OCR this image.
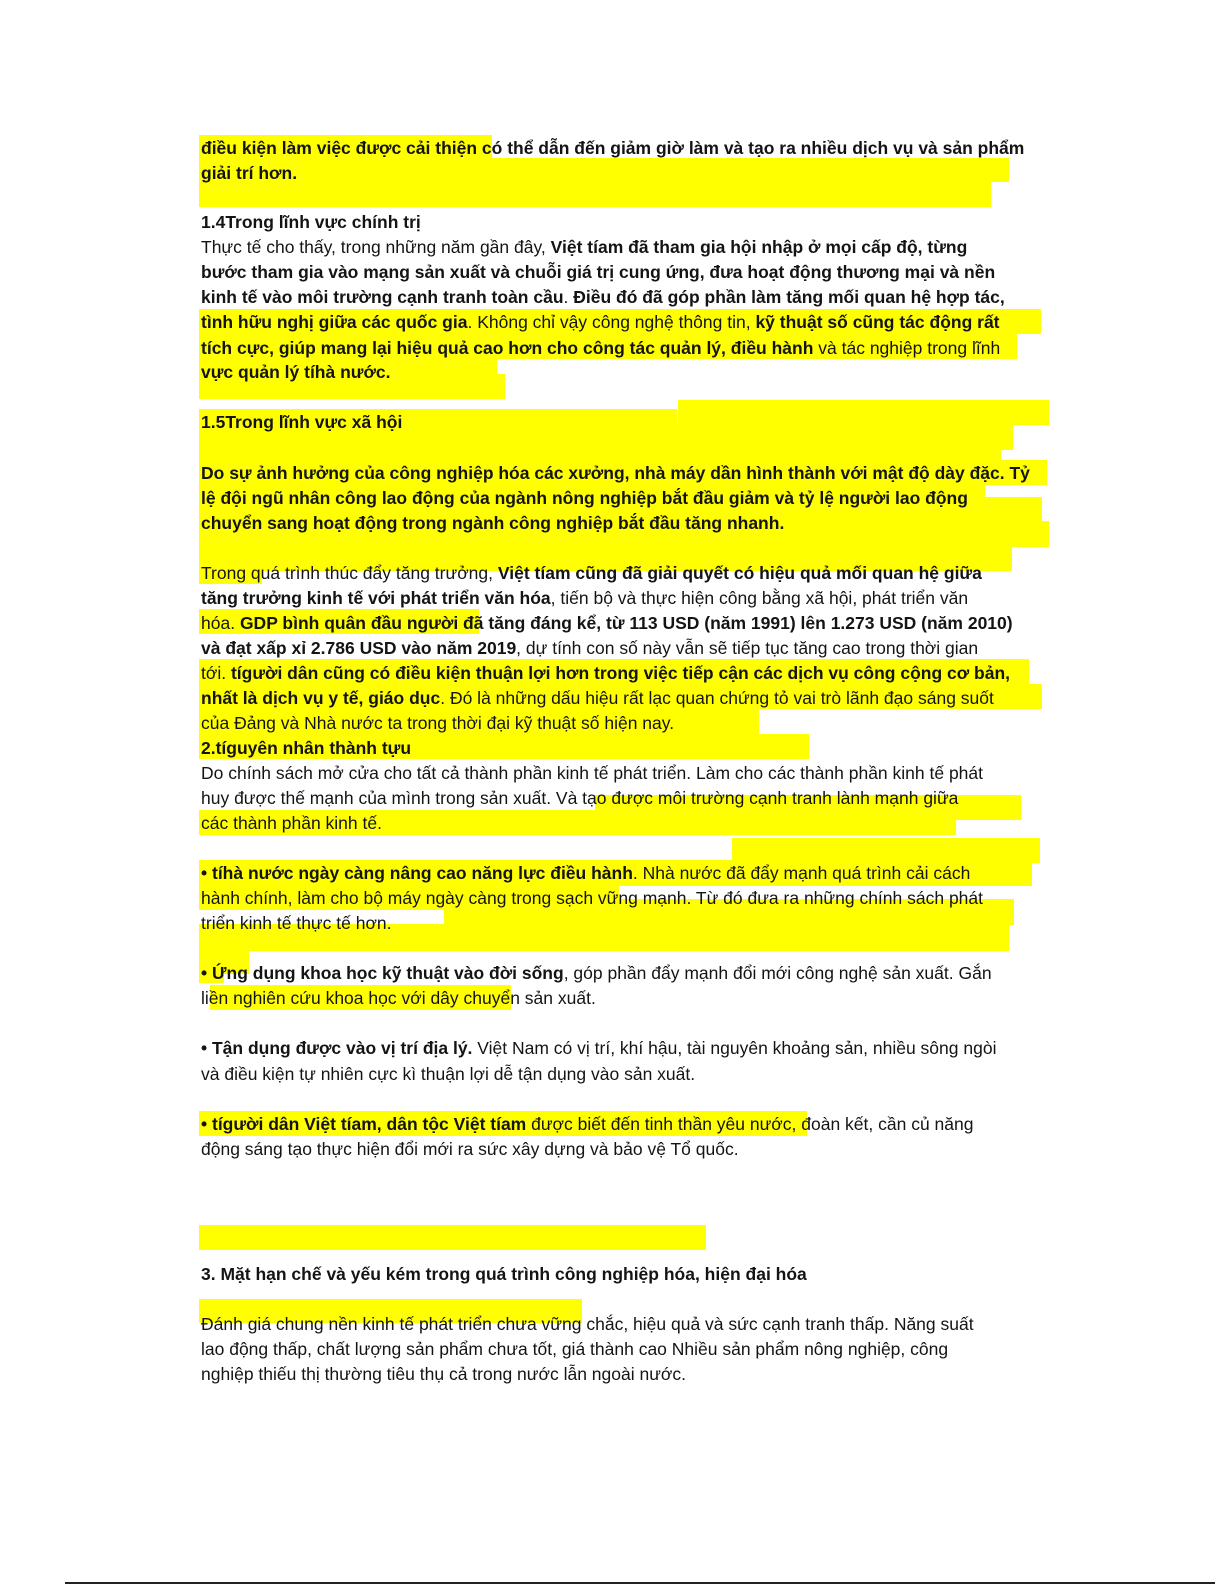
điều kiện làm việc được cải thiện có thể dẫn đến giảm giờ làm và tạo ra nhiều dịch vụ và sản phẩm
giải trí hơn.
1.4Trong lĩnh vực chính trị
Thực tế cho thấy, trong những năm gần đây, Việt tíam đã tham gia hội nhập ở mọi cấp độ, từng
bước tham gia vào mạng sản xuất và chuỗi giá trị cung ứng, đưa hoạt động thương mại và nền
kinh tế vào môi trường cạnh tranh toàn cầu. Điều đó đã góp phần làm tăng mối quan hệ hợp tác,
tình hữu nghị giữa các quốc gia. Không chỉ vậy công nghệ thông tin, kỹ thuật số cũng tác động rất
tích cực, giúp mang lại hiệu quả cao hơn cho công tác quản lý, điều hành và tác nghiệp trong lĩnh
vực quản lý tíhà nước.
1.5Trong lĩnh vực xã hội
Do sự ảnh hưởng của công nghiệp hóa các xưởng, nhà máy dần hình thành với mật độ dày đặc. Tỷ
lệ đội ngũ nhân công lao động của ngành nông nghiệp bắt đầu giảm và tỷ lệ người lao động
chuyển sang hoạt động trong ngành công nghiệp bắt đầu tăng nhanh.
Trong quá trình thúc đẩy tăng trưởng, Việt tíam cũng đã giải quyết có hiệu quả mối quan hệ giữa
tăng trưởng kinh tế với phát triển văn hóa, tiến bộ và thực hiện công bằng xã hội, phát triển văn
hóa. GDP bình quân đầu người đã tăng đáng kể, từ 113 USD (năm 1991) lên 1.273 USD (năm 2010)
và đạt xấp xỉ 2.786 USD vào năm 2019, dự tính con số này vẫn sẽ tiếp tục tăng cao trong thời gian
tới. tígười dân cũng có điều kiện thuận lợi hơn trong việc tiếp cận các dịch vụ công cộng cơ bản,
nhất là dịch vụ y tế, giáo dục. Đó là những dấu hiệu rất lạc quan chứng tỏ vai trò lãnh đạo sáng suốt
của Đảng và Nhà nước ta trong thời đại kỹ thuật số hiện nay.
2.tíguyên nhân thành tựu
Do chính sách mở cửa cho tất cả thành phần kinh tế phát triển. Làm cho các thành phần kinh tế phát
huy được thế mạnh của mình trong sản xuất. Và tạo được môi trường cạnh tranh lành mạnh giữa
các thành phần kinh tế.
• tíhà nước ngày càng nâng cao năng lực điều hành. Nhà nước đã đẩy mạnh quá trình cải cách
hành chính, làm cho bộ máy ngày càng trong sạch vững mạnh. Từ đó đưa ra những chính sách phát
triển kinh tế thực tế hơn.
• Ứng dụng khoa học kỹ thuật vào đời sống, góp phần đẩy mạnh đổi mới công nghệ sản xuất. Gắn
liền nghiên cứu khoa học với dây chuyển sản xuất.
• Tận dụng được vào vị trí địa lý. Việt Nam có vị trí, khí hậu, tài nguyên khoảng sản, nhiều sông ngòi
và điều kiện tự nhiên cực kì thuận lợi dễ tận dụng vào sản xuất.
• tígười dân Việt tíam, dân tộc Việt tíam được biết đến tinh thần yêu nước, đoàn kết, cần củ năng
động sáng tạo thực hiện đổi mới ra sức xây dựng và bảo vệ Tổ quốc.
3. Mặt hạn chế và yếu kém trong quá trình công nghiệp hóa, hiện đại hóa
Đánh giá chung nền kinh tế phát triển chưa vững chắc, hiệu quả và sức cạnh tranh thấp. Năng suất
lao động thấp, chất lượng sản phẩm chưa tốt, giá thành cao Nhiều sản phẩm nông nghiệp, công
nghiệp thiếu thị thường tiêu thụ cả trong nước lẫn ngoài nước.
